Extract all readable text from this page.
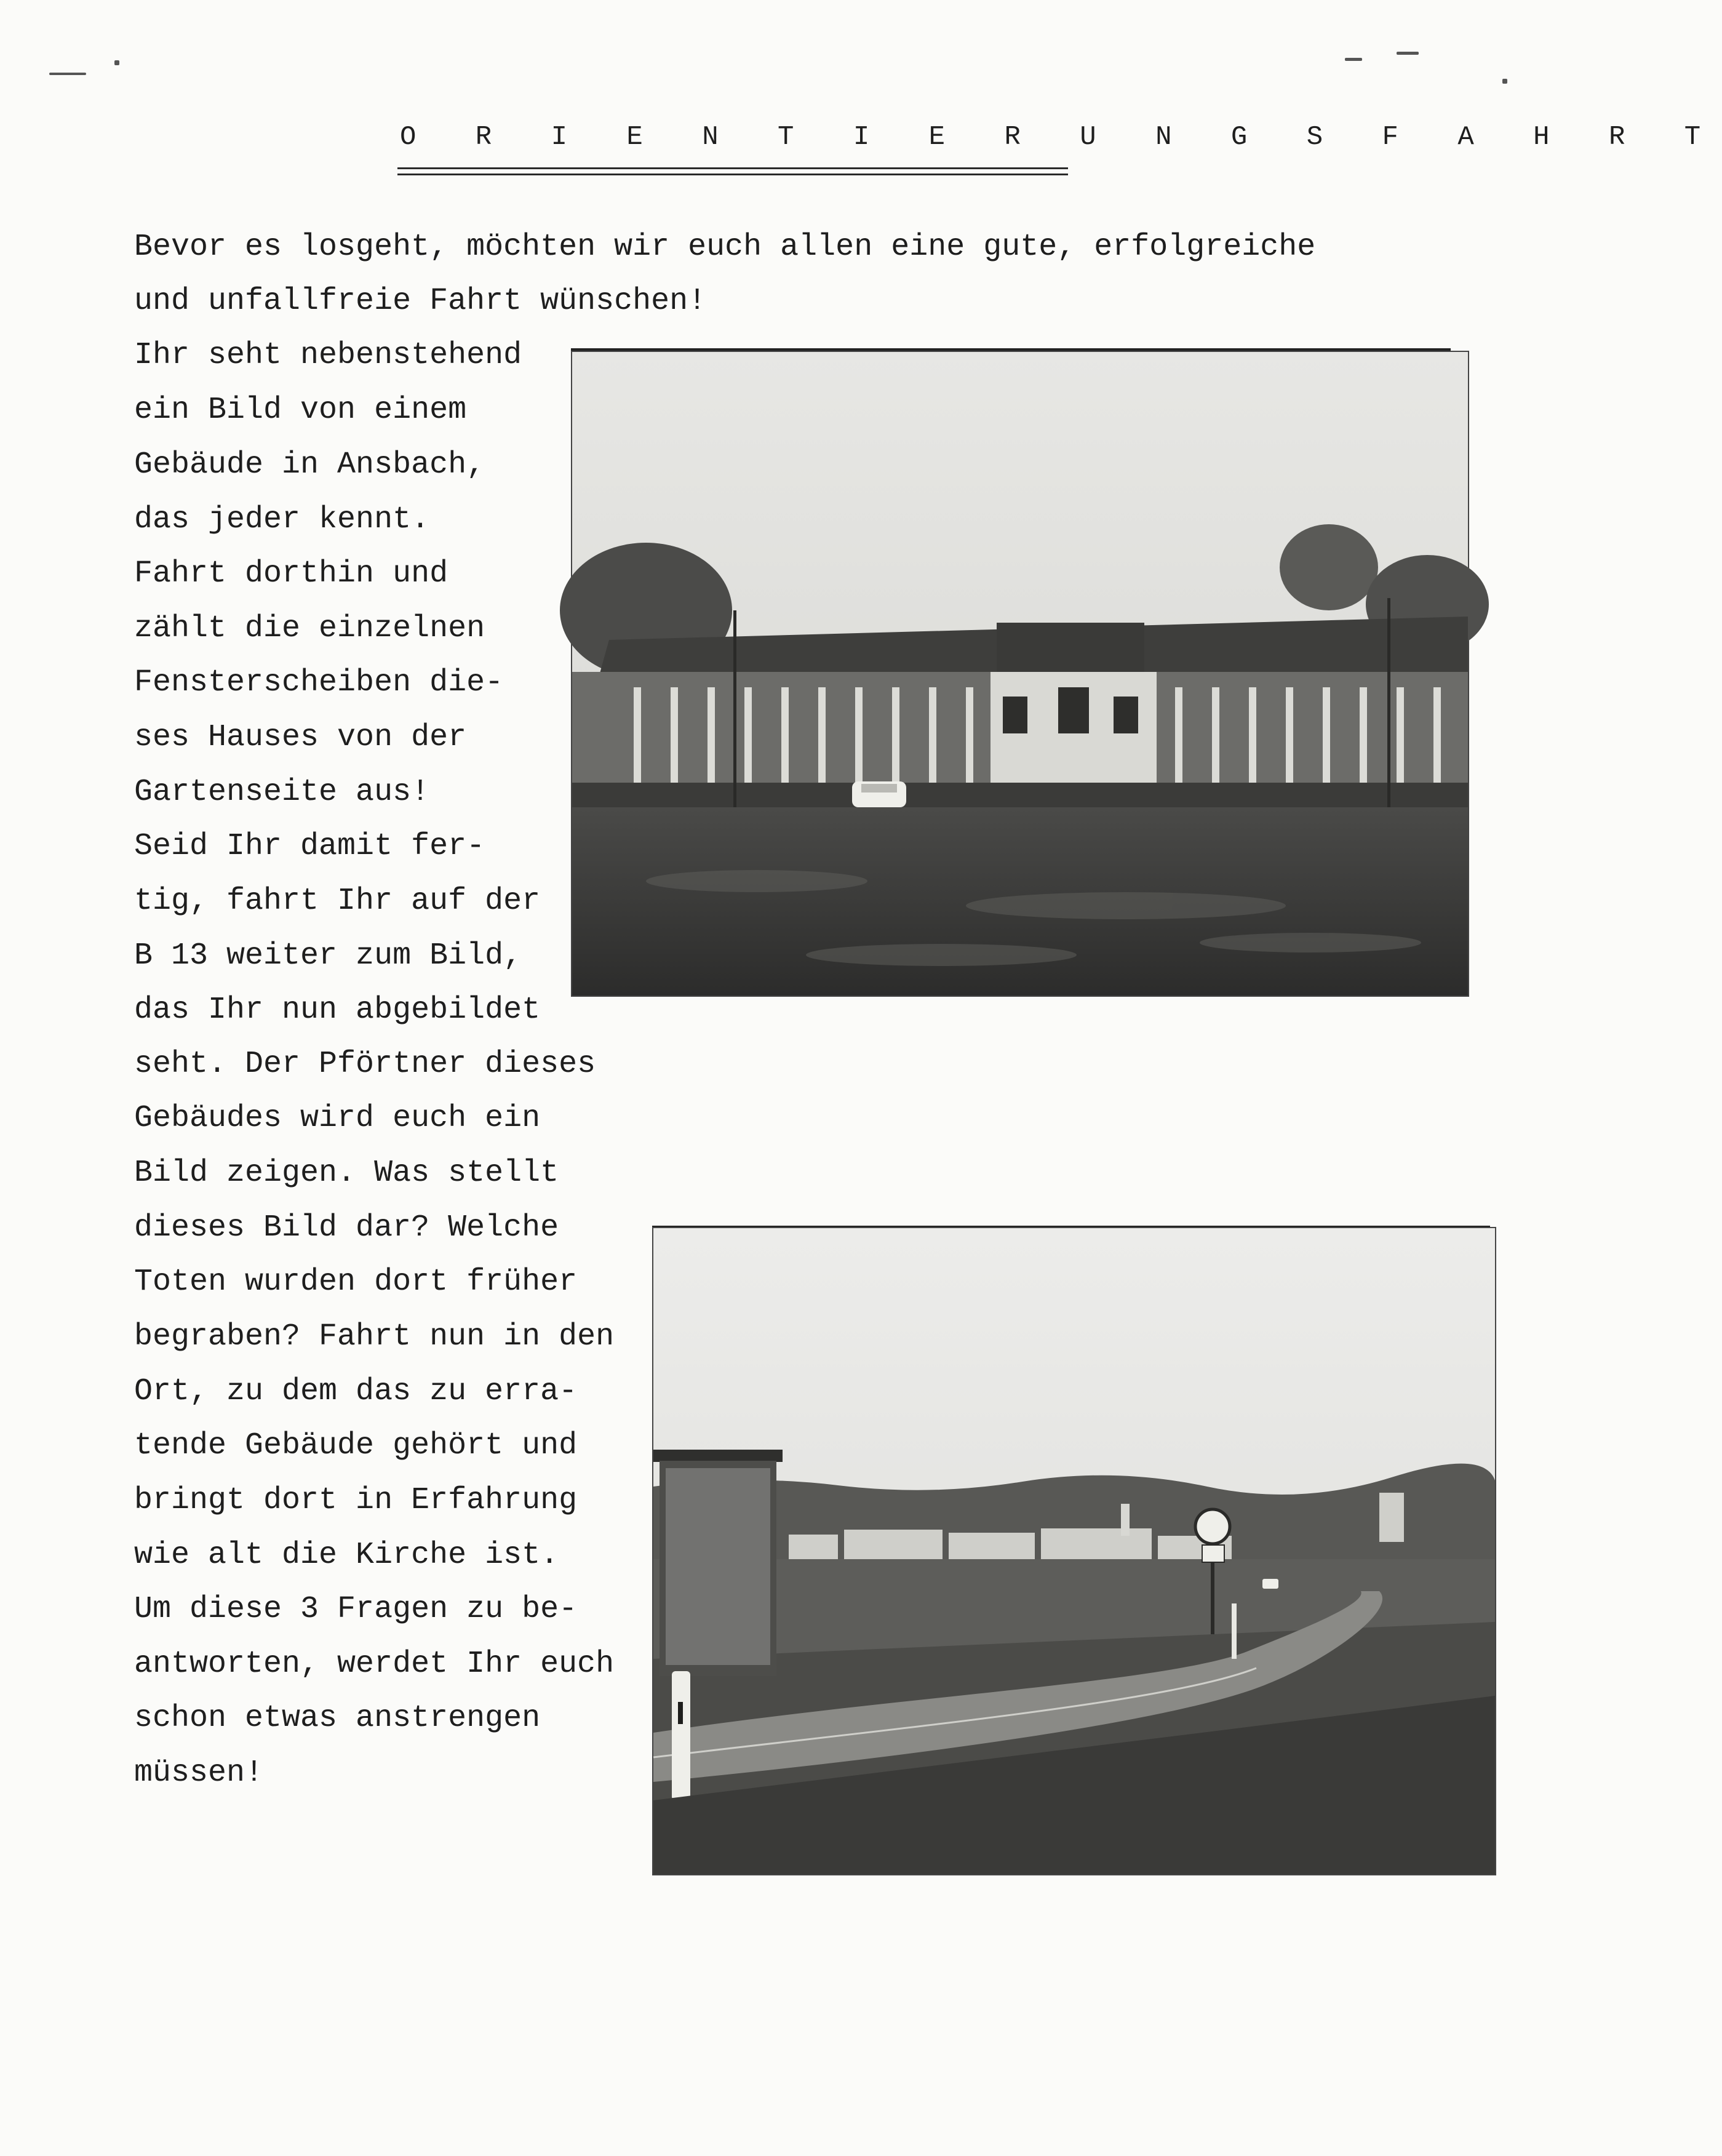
O R I E N T I E R U N G S F A H R T
Bevor es losgeht, möchten wir euch allen eine gute, erfolgreiche
und unfallfreie Fahrt wünschen!
Ihr seht nebenstehend
ein Bild von einem
Gebäude in Ansbach,
das jeder kennt.
Fahrt dorthin und
zählt die einzelnen
Fensterscheiben die-
ses Hauses von der
Gartenseite aus!
Seid Ihr damit fer-
tig, fahrt Ihr auf der
B 13 weiter zum Bild,
das Ihr nun abgebildet
seht. Der Pförtner dieses
Gebäudes wird euch ein
Bild zeigen. Was stellt
dieses Bild dar? Welche
Toten wurden dort früher
begraben? Fahrt nun in den
Ort, zu dem das zu erra-
tende Gebäude gehört und
bringt dort in Erfahrung
wie alt die Kirche ist.
Um diese 3 Fragen zu be-
antworten, werdet Ihr euch
schon etwas anstrengen
müssen!
